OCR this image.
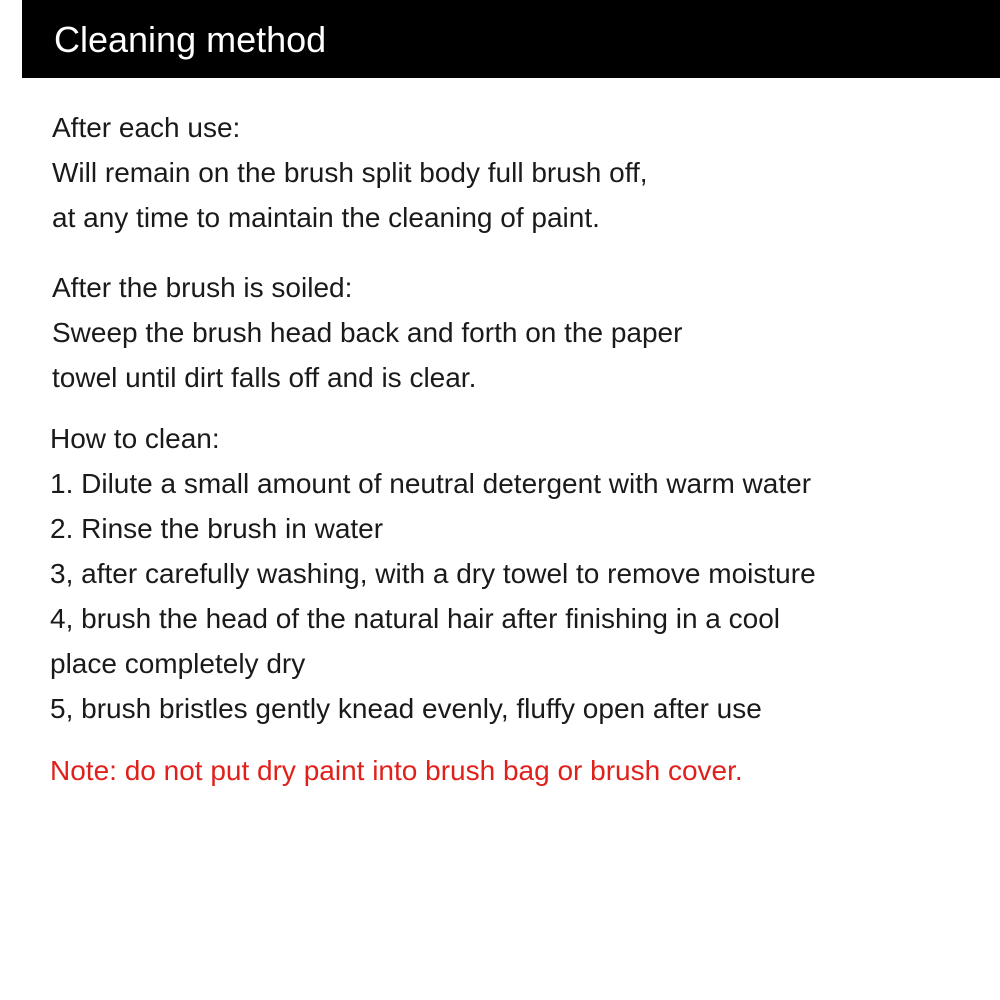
Cleaning method
After each use:
Will remain on the brush split body full brush off,
at any time to maintain the cleaning of paint.
After the brush is soiled:
Sweep the brush head back and forth on the paper
towel until dirt falls off and is clear.
How to clean:
1. Dilute a small amount of neutral detergent with warm water
2. Rinse the brush in water
3, after carefully washing, with a dry towel to remove moisture
4, brush the head of the natural hair after finishing in a cool
place completely dry
5, brush bristles gently knead evenly, fluffy open after use
Note: do not put dry paint into brush bag or brush cover.
